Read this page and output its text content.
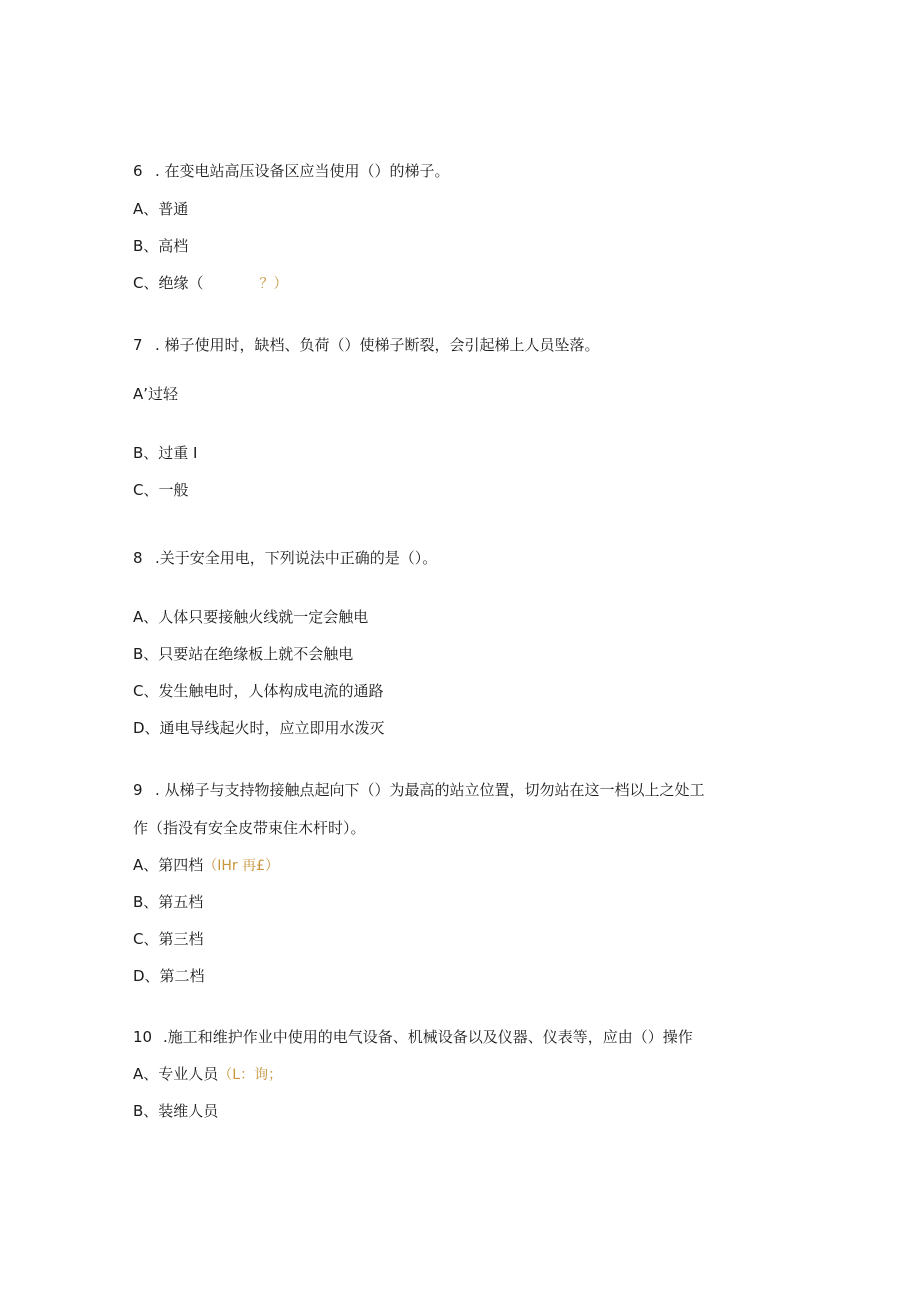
6 . 在变电站高压设备区应当使用（）的梯子。
A、普通
B、高档
C、绝缘（	？）
7 . 梯子使用时，缺档、负荷（）使梯子断裂，会引起梯上人员坠落。
A’过轻
B、过重 I
C、一般
8 .关于安全用电，下列说法中正确的是（）。
A、人体只要接触火线就一定会触电
B、只要站在绝缘板上就不会触电
C、发生触电时，人体构成电流的通路
D、通电导线起火时，应立即用水泼灭
9 . 从梯子与支持物接触点起向下（）为最高的站立位置，切勿站在这一档以上之处工
作（指没有安全皮带束住木杆时）。
A、第四档（IHr 再£）
B、第五档
C、第三档
D、第二档
10 .施工和维护作业中使用的电气设备、机械设备以及仪器、仪表等，应由（）操作
A、专业人员（L：询；
B、装维人员
